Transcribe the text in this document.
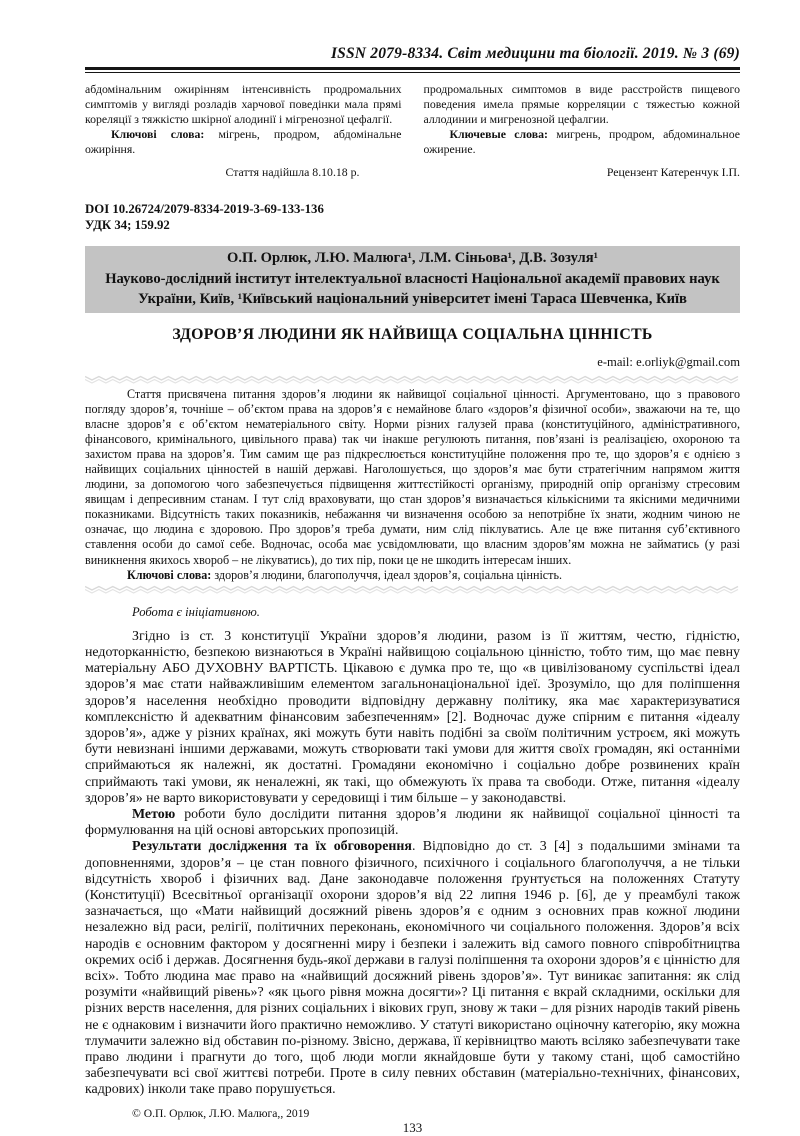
ISSN 2079-8334. Світ медицини та біології. 2019. № 3 (69)

абдомінальним ожирінням інтенсивність продромальних симптомів у вигляді розладів харчової поведінки мала прямі кореляції з тяжкістю шкірної алодинії і мігренозної цефалгії.

Ключові слова: мігрень, продром, абдомінальне ожиріння.

Стаття надійшла 8.10.18 р.

продромальных симптомов в виде расстройств пищевого поведения имела прямые корреляции с тяжестью кожной аллодинии и мигренозной цефалгии.

Ключевые слова: мигрень, продром, абдоминальное ожирение.

Рецензент Катеренчук І.П.

DOI 10.26724/2079-8334-2019-3-69-133-136
УДК 34; 159.92
О.П. Орлюк, Л.Ю. Малюга¹, Л.М. Сіньова¹, Д.В. Зозуля¹
Науково-дослідний інститут інтелектуальної власності Національної академії правових наук України, Київ, ¹Київський національний університет імені Тараса Шевченка, Київ
ЗДОРОВ’Я ЛЮДИНИ ЯК НАЙВИЩА СОЦІАЛЬНА ЦІННІСТЬ
e-mail: e.orliyk@gmail.com

Стаття присвячена питання здоров’я людини як найвищої соціальної цінності. Аргументовано, що з правового погляду здоров’я, точніше – об’єктом права на здоров’я є немайнове благо «здоров’я фізичної особи», зважаючи на те, що власне здоров’я є об’єктом нематеріального світу. Норми різних галузей права (конституційного, адміністративного, фінансового, кримінального, цивільного права) так чи інакше регулюють питання, пов’язані із реалізацією, охороною та захистом права на здоров’я. Тим самим ще раз підкреслюється конституційне положення про те, що здоров’я є однією з найвищих соціальних цінностей в нашій державі. Наголошується, що здоров’я має бути стратегічним напрямом життя людини, за допомогою чого забезпечується підвищення життєстійкості організму, природній опір організму стресовим явищам і депресивним станам. І тут слід враховувати, що стан здоров’я визначається кількісними та якісними медичними показниками. Відсутність таких показників, небажання чи визначення особою за непотрібне їх знати, жодним чиною не означає, що людина є здоровою. Про здоров’я треба думати, ним слід піклуватись. Але це вже питання суб’єктивного ставлення особи до самої себе. Водночас, особа має усвідомлювати, що власним здоров’ям можна не займатись (у разі виникнення якихось хвороб – не лікуватись), до тих пір, поки це не шкодить інтересам інших.

Ключові слова: здоров’я людини, благополуччя, ідеал здоров’я, соціальна цінність.

Робота є ініціативною.

Згідно із ст. 3 конституції України здоров’я людини, разом із її життям, честю, гідністю, недоторканністю, безпекою визнаються в Україні найвищою соціальною цінністю, тобто тим, що має певну матеріальну АБО ДУХОВНУ ВАРТІСТЬ. Цікавою є думка про те, що «в цивілізованому суспільстві ідеал здоров’я має стати найважливішим елементом загальнонаціональної ідеї. Зрозуміло, що для поліпшення здоров’я населення необхідно проводити відповідну державну політику, яка має характеризуватися комплексністю й адекватним фінансовим забезпеченням» [2]. Водночас дуже спірним є питання «ідеалу здоров’я», адже у різних країнах, які можуть бути навіть подібні за своїм політичним устроєм, які можуть бути невизнані іншими державами, можуть створювати такі умови для життя своїх громадян, які останніми сприймаються як належні, як достатні. Громадяни економічно і соціально добре розвинених країн сприймають такі умови, як неналежні, як такі, що обмежують їх права та свободи. Отже, питання «ідеалу здоров’я» не варто використовувати у середовищі і тим більше – у законодавстві.

Метою роботи було дослідити питання здоров’я людини як найвищої соціальної цінності та формулювання на цій основі авторських пропозицій.

Результати дослідження та їх обговорення. Відповідно до ст. 3 [4] з подальшими змінами та доповненнями, здоров’я – це стан повного фізичного, психічного і соціального благополуччя, а не тільки відсутність хвороб і фізичних вад. Дане законодавче положення ґрунтується на положеннях Статуту (Конституції) Всесвітньої організації охорони здоров’я від 22 липня 1946 р. [6], де у преамбулі також зазначається, що «Мати найвищий досяжний рівень здоров’я є одним з основних прав кожної людини незалежно від раси, релігії, політичних переконань, економічного чи соціального положення. Здоров’я всіх народів є основним фактором у досягненні миру і безпеки і залежить від самого повного співробітництва окремих осіб і держав. Досягнення будь-якої держави в галузі поліпшення та охорони здоров’я є цінністю для всіх». Тобто людина має право на «найвищий досяжний рівень здоров’я». Тут виникає запитання: як слід розуміти «найвищий рівень»? «як цього рівня можна досягти»? Ці питання є вкрай складними, оскільки для різних верств населення, для різних соціальних і вікових груп, знову ж таки – для різних народів такий рівень не є однаковим і визначити його практично неможливо. У статуті використано оціночну категорію, яку можна тлумачити залежно від обставин по-різному. Звісно, держава, її керівництво мають всіляко забезпечувати таке право людини і прагнути до того, щоб люди могли якнайдовше бути у такому стані, щоб самостійно забезпечувати всі свої життєві потреби. Проте в силу певних обставин (матеріально-технічних, фінансових, кадрових) інколи таке право порушується.

© О.П. Орлюк, Л.Ю. Малюга,, 2019
133
